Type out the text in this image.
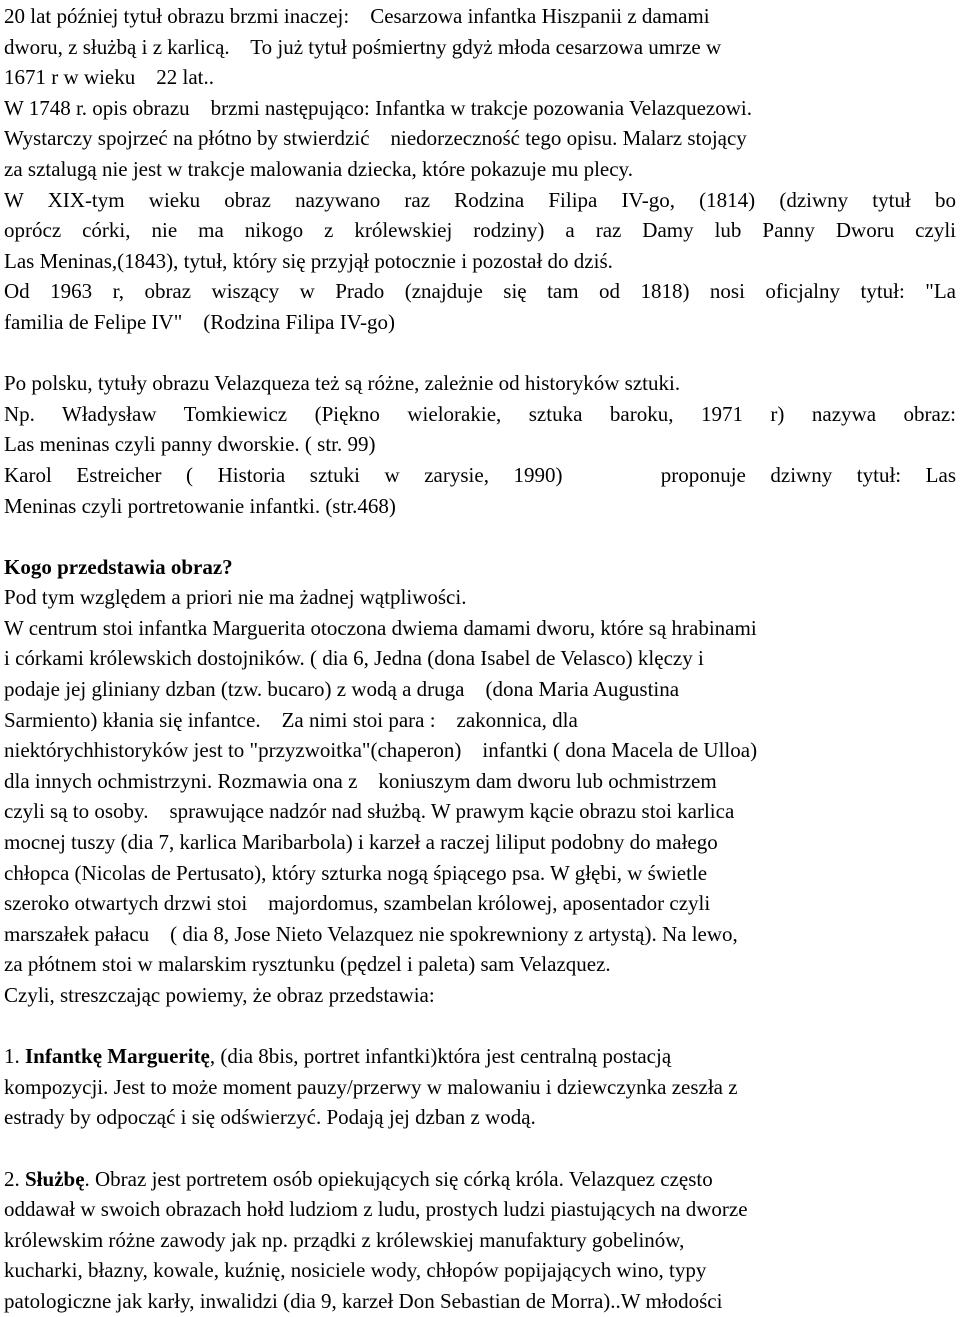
20 lat później tytuł obrazu brzmi inaczej:    Cesarzowa infantka Hiszpanii z damami
dworu, z służbą i z karlicą.    To już tytuł pośmiertny gdyż młoda cesarzowa umrze w
1671 r w wieku    22 lat..
W 1748 r. opis obrazu    brzmi następująco: Infantka w trakcje pozowania Velazquezowi.
Wystarczy spojrzeć na płótno by stwierdzić    niedorzeczność tego opisu. Malarz stojący
za sztalugą nie jest w trakcje malowania dziecka, które pokazuje mu plecy.
W XIX-tym wieku obraz nazywano raz Rodzina Filipa IV-go, (1814) (dziwny tytuł bo
oprócz córki, nie ma nikogo z królewskiej rodziny) a raz Damy lub Panny Dworu czyli
Las Meninas,(1843), tytuł, który się przyjął potocznie i pozostał do dziś.
Od 1963 r, obraz wiszący w Prado (znajduje się tam od 1818) nosi oficjalny tytuł: "La
familia de Felipe IV"    (Rodzina Filipa IV-go)
Po polsku, tytuły obrazu Velazqueza też są różne, zależnie od historyków sztuki.
Np. Władysław Tomkiewicz (Piękno wielorakie, sztuka baroku, 1971 r) nazywa obraz:
Las meninas czyli panny dworskie. ( str. 99)
Karol Estreicher ( Historia sztuki w zarysie, 1990)    proponuje dziwny tytuł: Las
Meninas czyli portretowanie infantki. (str.468)
Kogo przedstawia obraz?
Pod tym względem a priori nie ma żadnej wątpliwości.
W centrum stoi infantka Marguerita otoczona dwiema damami dworu, które są hrabinami
i córkami królewskich dostojników. ( dia 6, Jedna (dona Isabel de Velasco) klęczy i
podaje jej gliniany dzban (tzw. bucaro) z wodą a druga    (dona Maria Augustina
Sarmiento) kłania się infantce.    Za nimi stoi para :    zakonnica, dla
niektórychhistoryków jest to "przyzwoitka"(chaperon)    infantki ( dona Macela de Ulloa)
dla innych ochmistrzyni. Rozmawia ona z    koniuszym dam dworu lub ochmistrzem
czyli są to osoby.    sprawujące nadzór nad służbą. W prawym kącie obrazu stoi karlica
mocnej tuszy (dia 7, karlica Maribarbola) i karzeł a raczej liliput podobny do małego
chłopca (Nicolas de Pertusato), który szturka nogą śpiącego psa. W głębi, w świetle
szeroko otwartych drzwi stoi    majordomus, szambelan królowej, aposentador czyli
marszałek pałacu    ( dia 8, Jose Nieto Velazquez nie spokrewniony z artystą). Na lewo,
za płótnem stoi w malarskim rysztunku (pędzel i paleta) sam Velazquez.
Czyli, streszczając powiemy, że obraz przedstawia:
1. Infantkę Margueritę, (dia 8bis, portret infantki)która jest centralną postacją
kompozycji. Jest to może moment pauzy/przerwy w malowaniu i dziewczynka zeszła z
estrady by odpocząć i się odświerzyć. Podają jej dzban z wodą.
2. Służbę. Obraz jest portretem osób opiekujących się córką króla. Velazquez często
oddawał w swoich obrazach hołd ludziom z ludu, prostych ludzi piastujących na dworze
królewskim różne zawody jak np. prządki z królewskiej manufaktury gobelinów,
kucharki, błazny, kowale, kuźnię, nosiciele wody, chłopów popijających wino, typy
patologiczne jak karły, inwalidzi (dia 9, karzeł Don Sebastian de Morra)..W młodości
